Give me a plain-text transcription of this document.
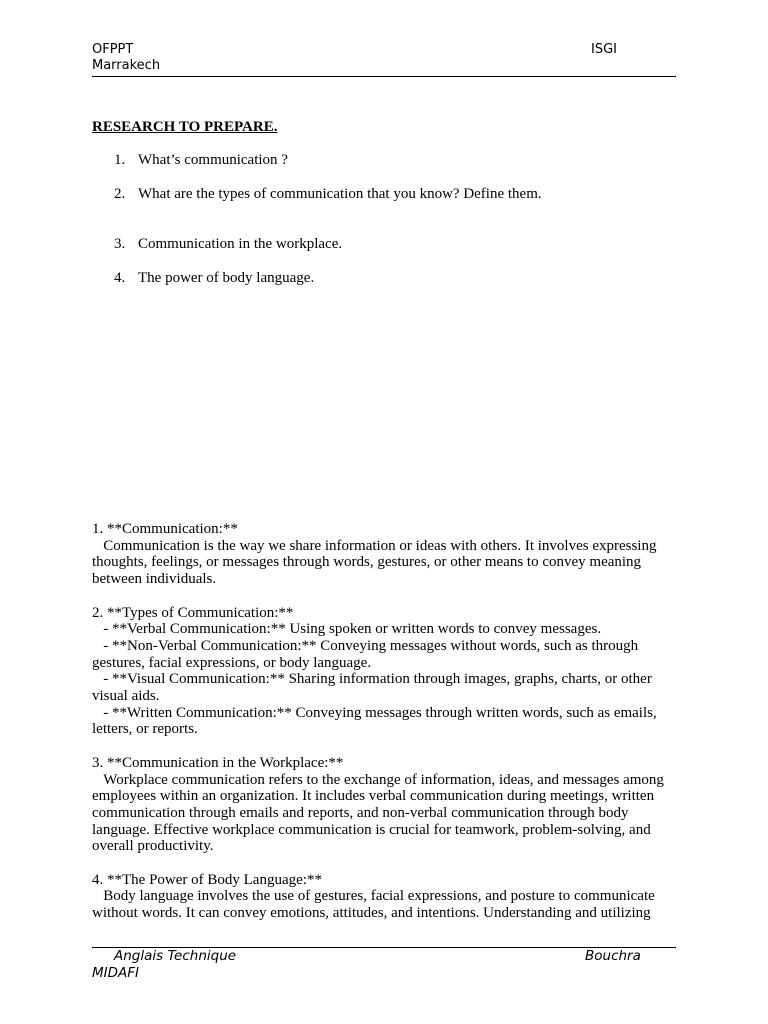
OFPPT
Marrakech
ISGI
RESEARCH TO PREPARE.
1. What’s communication ?
2. What are the types of communication that you know? Define them.
3. Communication in the workplace.
4. The power of body language.

1. **Communication:**

Communication is the way we share information or ideas with others. It involves expressing thoughts, feelings, or messages through words, gestures, or other means to convey meaning between individuals.

2. **Types of Communication:**

- **Verbal Communication:** Using spoken or written words to convey messages.

- **Non-Verbal Communication:** Conveying messages without words, such as through gestures, facial expressions, or body language.

- **Visual Communication:** Sharing information through images, graphs, charts, or other visual aids.

- **Written Communication:** Conveying messages through written words, such as emails, letters, or reports.

3. **Communication in the Workplace:**

Workplace communication refers to the exchange of information, ideas, and messages among employees within an organization. It includes verbal communication during meetings, written communication through emails and reports, and non-verbal communication through body language. Effective workplace communication is crucial for teamwork, problem-solving, and overall productivity.

4. **The Power of Body Language:**

Body language involves the use of gestures, facial expressions, and posture to communicate without words. It can convey emotions, attitudes, and intentions. Understanding and utilizing

Anglais Technique	Bouchra
MIDAFI
